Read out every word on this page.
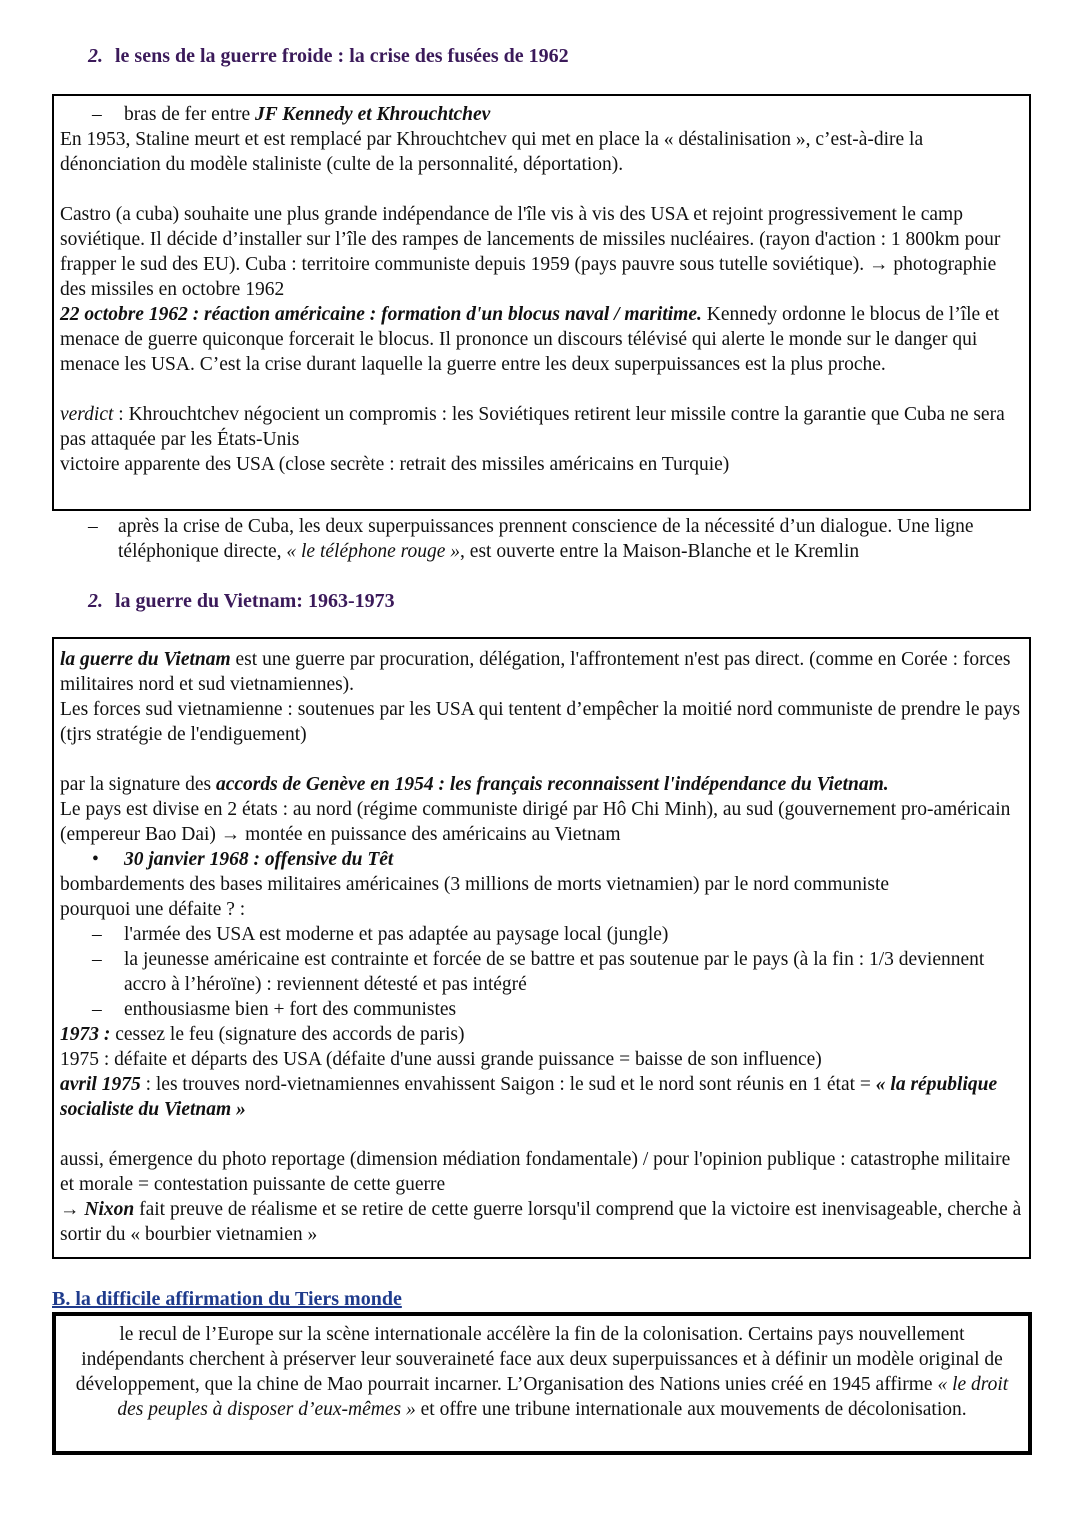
2. le sens de la guerre froide : la crise des fusées de 1962

– bras de fer entre JF Kennedy et Khrouchtchev

En 1953, Staline meurt et est remplacé par Khrouchtchev qui met en place la « déstalinisation », c’est-à-dire la dénonciation du modèle staliniste (culte de la personnalité, déportation).

Castro (a cuba) souhaite une plus grande indépendance de l'île vis à vis des USA et rejoint progressivement le camp soviétique. Il décide d’installer sur l’île des rampes de lancements de missiles nucléaires. (rayon d'action : 1 800km pour frapper le sud des EU). Cuba : territoire communiste depuis 1959 (pays pauvre sous tutelle soviétique). → photographie des missiles en octobre 1962

22 octobre 1962 : réaction américaine : formation d'un blocus naval / maritime. Kennedy ordonne le blocus de l’île et menace de guerre quiconque forcerait le blocus. Il prononce un discours télévisé qui alerte le monde sur le danger qui menace les USA. C’est la crise durant laquelle la guerre entre les deux superpuissances est la plus proche.

verdict : Khrouchtchev négocient un compromis : les Soviétiques retirent leur missile contre la garantie que Cuba ne sera pas attaquée par les États-Unis

victoire apparente des USA (close secrète : retrait des missiles américains en Turquie)

–	après la crise de Cuba, les deux superpuissances prennent conscience de la nécessité d’un dialogue. Une ligne téléphonique directe, « le téléphone rouge », est ouverte entre la Maison-Blanche et le Kremlin
2. la guerre du Vietnam: 1963-1973

la guerre du Vietnam est une guerre par procuration, délégation, l'affrontement n'est pas direct. (comme en Corée : forces militaires nord et sud vietnamiennes).

Les forces sud vietnamienne : soutenues par les USA qui tentent d’empêcher la moitié nord communiste de prendre le pays (tjrs stratégie de l'endiguement)

par la signature des accords de Genève en 1954 : les français reconnaissent l'indépendance du Vietnam.

Le pays est divise en 2 états : au nord (régime communiste dirigé par Hô Chi Minh), au sud (gouvernement pro-américain (empereur Bao Dai) → montée en puissance des américains au Vietnam

• 30 janvier 1968 : offensive du Têt

bombardements des bases militaires américaines (3 millions de morts vietnamien) par le nord communiste

pourquoi une défaite ? :

– l'armée des USA est moderne et pas adaptée au paysage local (jungle)

– la jeunesse américaine est contrainte et forcée de se battre et pas soutenue par le pays (à la fin : 1/3 deviennent accro à l’héroïne) : reviennent détesté et pas intégré

– enthousiasme bien + fort des communistes

1973 : cessez le feu (signature des accords de paris)

1975 : défaite et départs des USA (défaite d'une aussi grande puissance = baisse de son influence)

avril 1975 : les trouves nord-vietnamiennes envahissent Saigon : le sud et le nord sont réunis en 1 état = « la république socialiste du Vietnam »

aussi, émergence du photo reportage (dimension médiation fondamentale) / pour l'opinion publique : catastrophe militaire et morale = contestation puissante de cette guerre

→ Nixon fait preuve de réalisme et se retire de cette guerre lorsqu'il comprend que la victoire est inenvisageable, cherche à sortir du « bourbier vietnamien »

B. la difficile affirmation du Tiers monde

le recul de l’Europe sur la scène internationale accélère la fin de la colonisation. Certains pays nouvellement indépendants cherchent à préserver leur souveraineté face aux deux superpuissances et à définir un modèle original de développement, que la chine de Mao pourrait incarner. L’Organisation des Nations unies créé en 1945 affirme « le droit des peuples à disposer d’eux-mêmes » et offre une tribune internationale aux mouvements de décolonisation.
